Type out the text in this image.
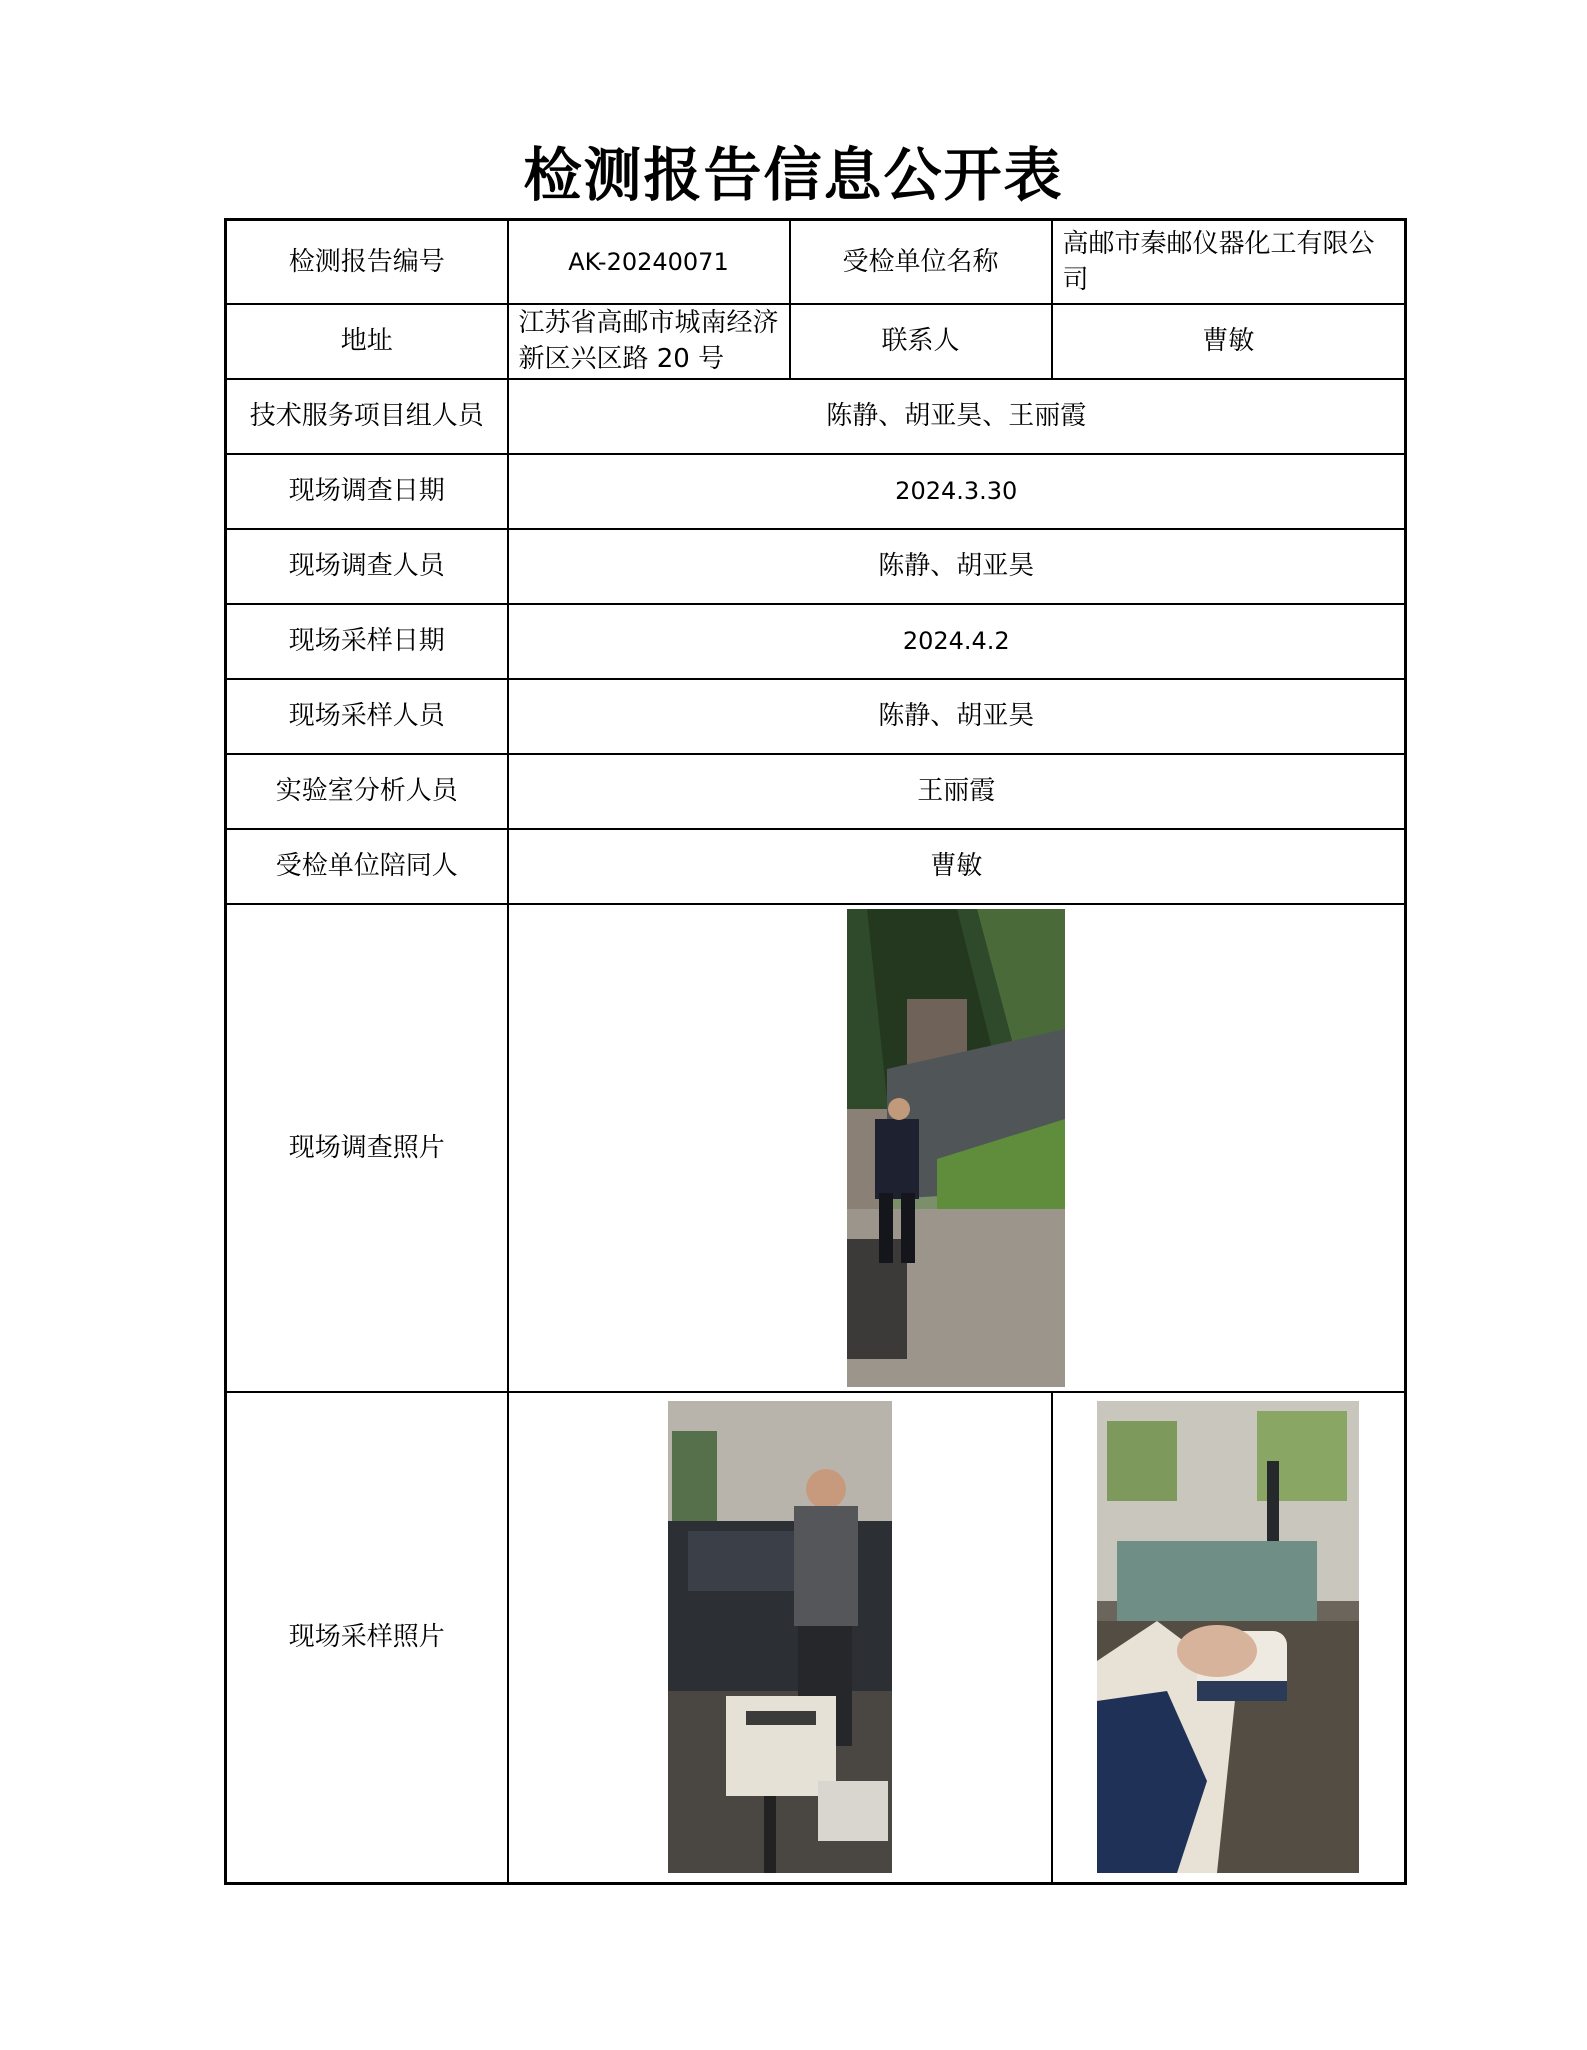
检测报告信息公开表
检测报告编号	AK-20240071	受检单位名称	高邮市秦邮仪器化工有限公司
地址	江苏省高邮市城南经济新区兴区路 20 号	联系人	曹敏
技术服务项目组人员	陈静、胡亚昊、王丽霞		
现场调查日期	2024.3.30		
现场调查人员	陈静、胡亚昊		
现场采样日期	2024.4.2		
现场采样人员	陈静、胡亚昊		
实验室分析人员	王丽霞		
受检单位陪同人	曹敏		
现场调查照片	

现场采样照片	
